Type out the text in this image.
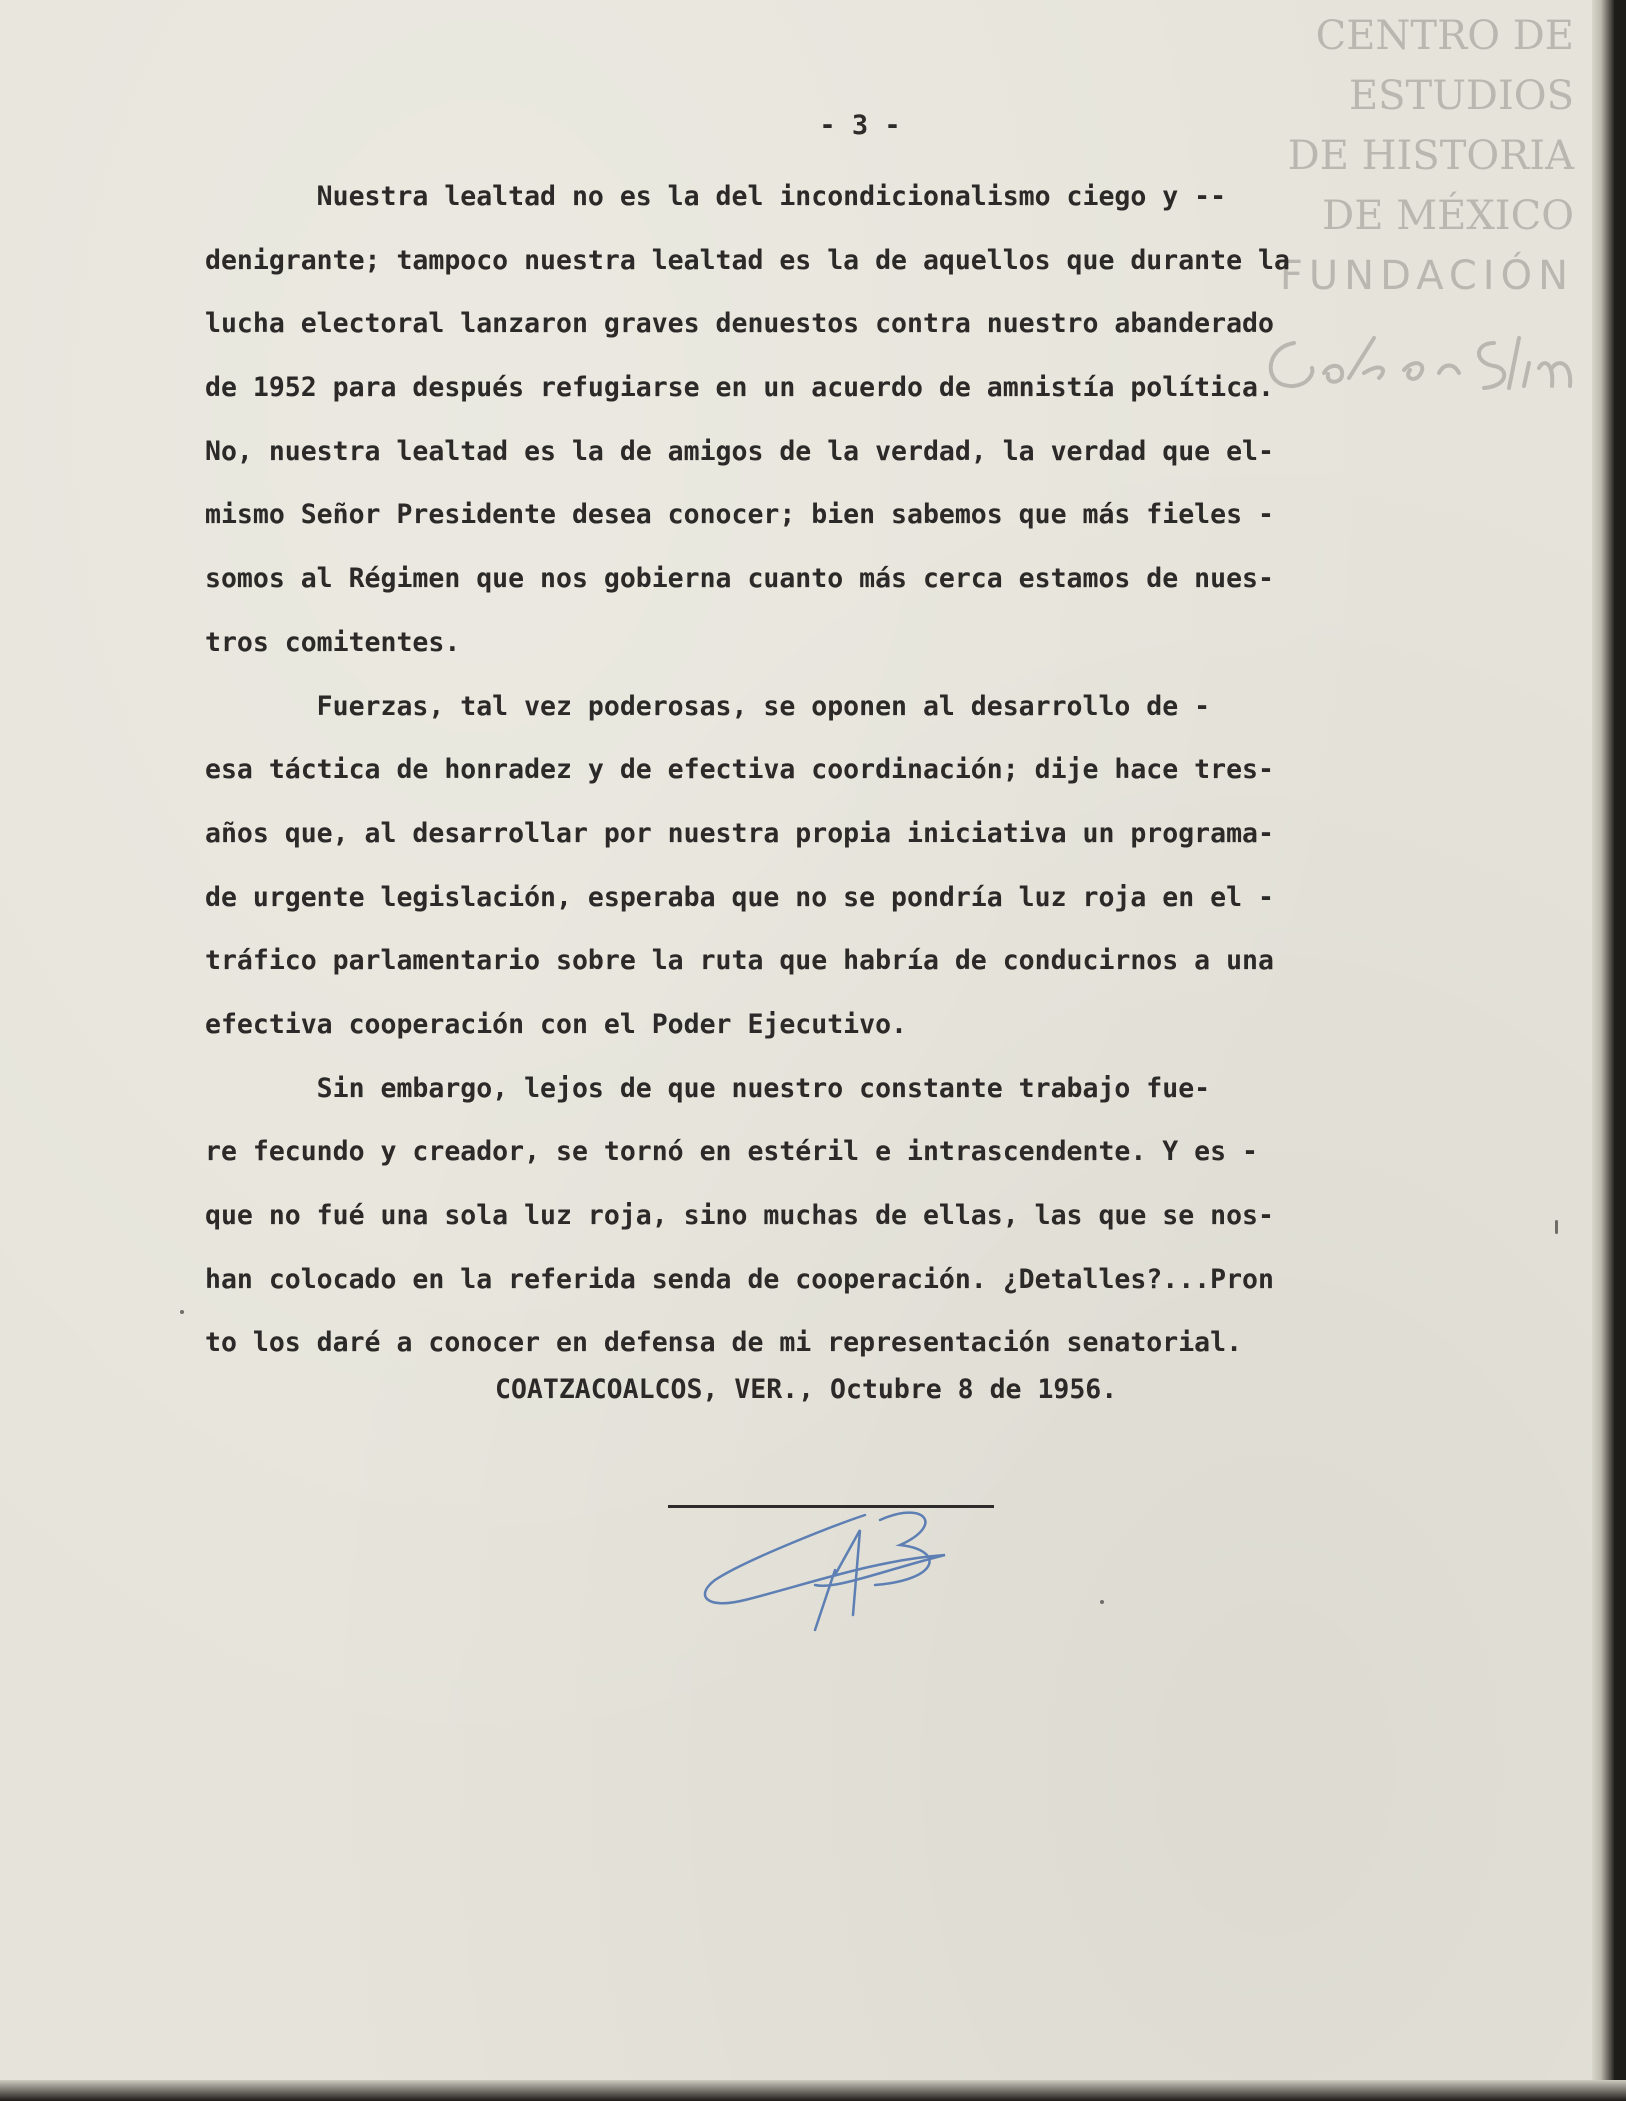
CENTRO DE
ESTUDIOS
DE HISTORIA
DE MÉXICO
FUNDACIÓN
- 3 -
Nuestra lealtad no es la del incondicionalismo ciego y --
denigrante; tampoco nuestra lealtad es la de aquellos que durante la
lucha electoral lanzaron graves denuestos contra nuestro abanderado
de 1952 para después refugiarse en un acuerdo de amnistía política.
No, nuestra lealtad es la de amigos de la verdad, la verdad que el-
mismo Señor Presidente desea conocer; bien sabemos que más fieles -
somos al Régimen que nos gobierna cuanto más cerca estamos de nues-
tros comitentes.
Fuerzas, tal vez poderosas, se oponen al desarrollo de -
esa táctica de honradez y de efectiva coordinación; dije hace tres-
años que, al desarrollar por nuestra propia iniciativa un programa-
de urgente legislación, esperaba que no se pondría luz roja en el -
tráfico parlamentario sobre la ruta que habría de conducirnos a una
efectiva cooperación con el Poder Ejecutivo.
Sin embargo, lejos de que nuestro constante trabajo fue-
re fecundo y creador, se tornó en estéril e intrascendente. Y es -
que no fué una sola luz roja, sino muchas de ellas, las que se nos-
han colocado en la referida senda de cooperación. ¿Detalles?...Pron
to los daré a conocer en defensa de mi representación senatorial.
COATZACOALCOS, VER., Octubre 8 de 1956.
